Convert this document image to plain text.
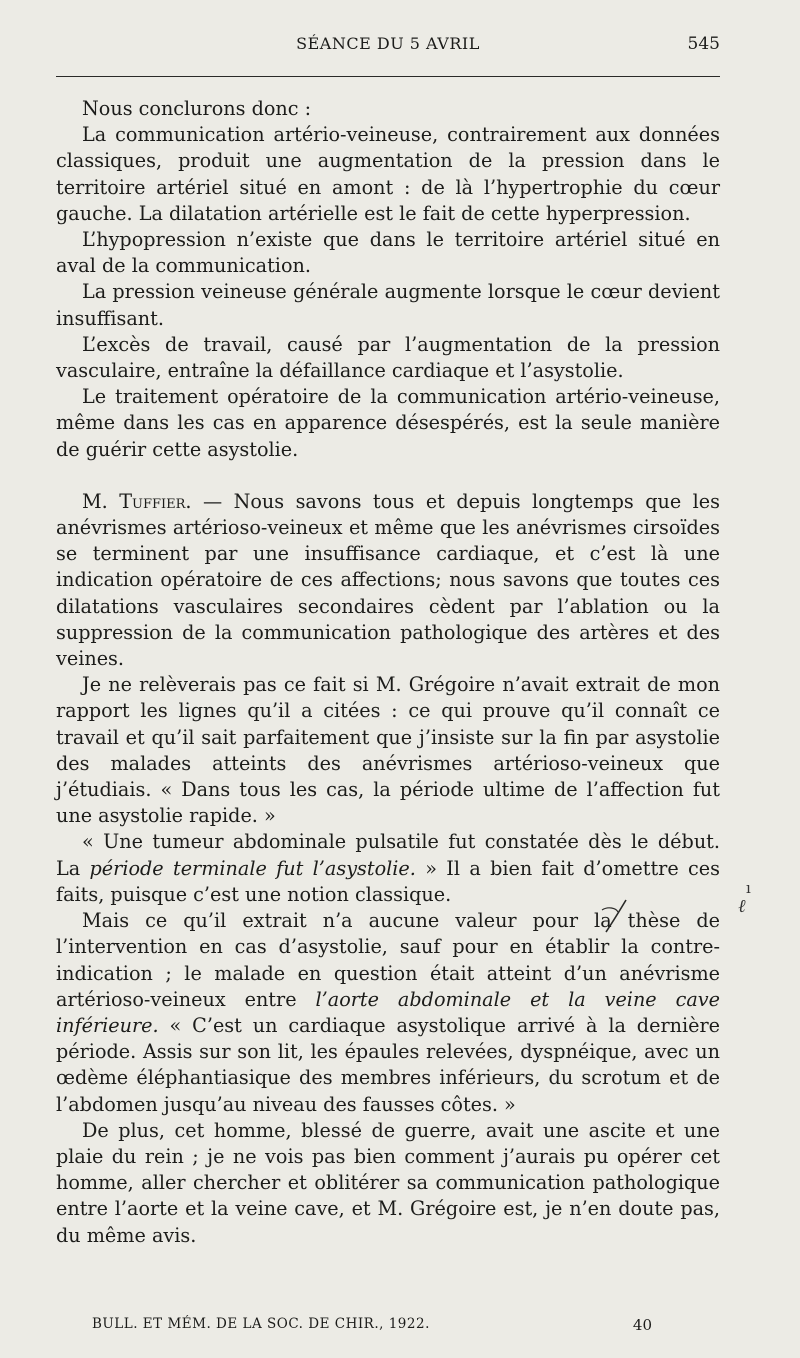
SÉANCE DU 5 AVRIL	545

Nous conclurons donc :

La communication artério-veineuse, contrairement aux données classiques, produit une augmentation de la pression dans le territoire artériel situé en amont : de là l’hypertrophie du cœur gauche. La dilatation artérielle est le fait de cette hyperpression.

L’hypopression n’existe que dans le territoire artériel situé en aval de la communication.

La pression veineuse générale augmente lorsque le cœur devient insuffisant.

L’excès de travail, causé par l’augmentation de la pression vasculaire, entraîne la défaillance cardiaque et l’asystolie.

Le traitement opératoire de la communication artério-veineuse, même dans les cas en apparence désespérés, est la seule manière de guérir cette asystolie.

M. Tuffier. — Nous savons tous et depuis longtemps que les anévrismes artérioso-veineux et même que les anévrismes cirsoïdes se terminent par une insuffisance cardiaque, et c’est là une indication opératoire de ces affections; nous savons que toutes ces dilatations vasculaires secondaires cèdent par l’ablation ou la suppression de la communication pathologique des artères et des veines.

Je ne relèverais pas ce fait si M. Grégoire n’avait extrait de mon rapport les lignes qu’il a citées : ce qui prouve qu’il connaît ce travail et qu’il sait parfaitement que j’insiste sur la fin par asystolie des malades atteints des anévrismes artérioso-veineux que j’étudiais. « Dans tous les cas, la période ultime de l’affection fut une asystolie rapide. »

« Une tumeur abdominale pulsatile fut constatée dès le début. La période terminale fut l’asystolie. » Il a bien fait d’omettre ces faits, puisque c’est une notion classique.

Mais ce qu’il extrait n’a aucune valeur pour la thèse de l’intervention en cas d’asystolie, sauf pour en établir la contre-indication ; le malade en question était atteint d’un anévrisme artérioso-veineux entre l’aorte abdominale et la veine cave inférieure. « C’est un cardiaque asystolique arrivé à la dernière période. Assis sur son lit, les épaules relevées, dyspnéique, avec un œdème éléphantiasique des membres inférieurs, du scrotum et de l’abdomen jusqu’au niveau des fausses côtes. »

De plus, cet homme, blessé de guerre, avait une ascite et une plaie du rein ; je ne vois pas bien comment j’aurais pu opérer cet homme, aller chercher et oblitérer sa communication pathologique entre l’aorte et la veine cave, et M. Grégoire est, je n’en doute pas, du même avis.

ı
ℓ
BULL. ET MÉM. DE LA SOC. DE CHIR., 1922.	40
